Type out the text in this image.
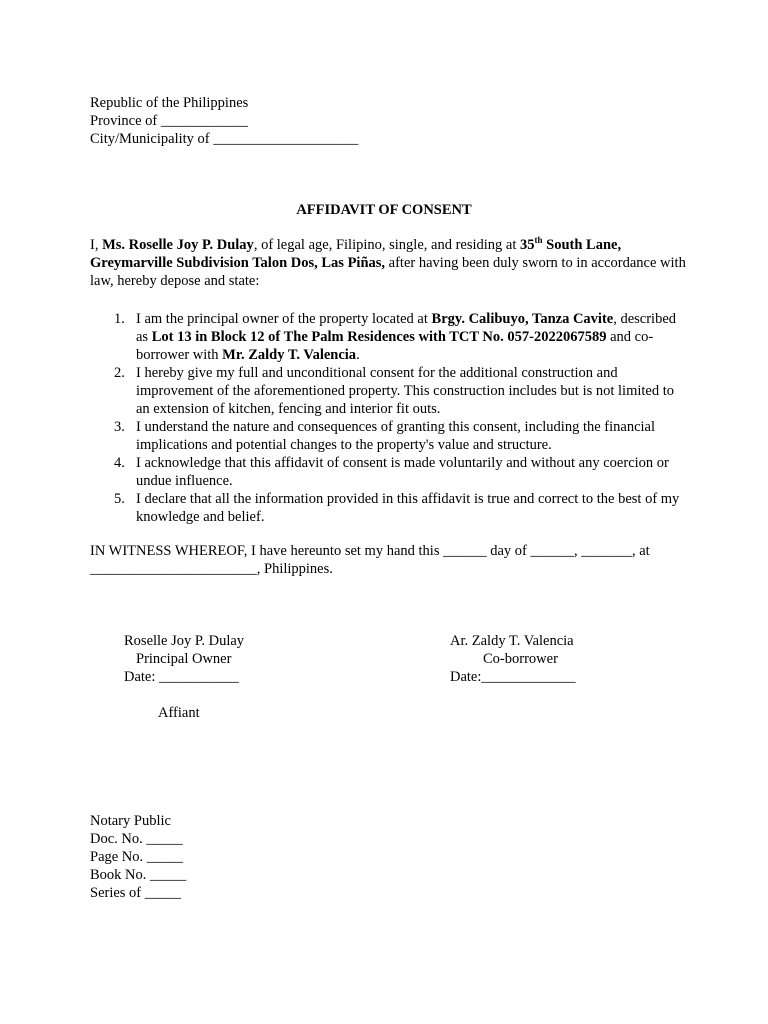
Republic of the Philippines
Province of ____________
City/Municipality of ____________________
AFFIDAVIT OF CONSENT
I, Ms. Roselle Joy P. Dulay, of legal age, Filipino, single, and residing at 35th South Lane, Greymarville Subdivision Talon Dos, Las Piñas, after having been duly sworn to in accordance with law, hereby depose and state:
1. I am the principal owner of the property located at Brgy. Calibuyo, Tanza Cavite, described as Lot 13 in Block 12 of The Palm Residences with TCT No. 057-2022067589 and co-borrower with Mr. Zaldy T. Valencia.
2. I hereby give my full and unconditional consent for the additional construction and improvement of the aforementioned property. This construction includes but is not limited to an extension of kitchen, fencing and interior fit outs.
3. I understand the nature and consequences of granting this consent, including the financial implications and potential changes to the property's value and structure.
4. I acknowledge that this affidavit of consent is made voluntarily and without any coercion or undue influence.
5. I declare that all the information provided in this affidavit is true and correct to the best of my knowledge and belief.
IN WITNESS WHEREOF, I have hereunto set my hand this ______ day of ______, _______, at _______________________, Philippines.
Roselle Joy P. Dulay	Ar. Zaldy T. Valencia
Principal Owner	Co-borrower
Date: ___________	Date:_____________
Affiant
Notary Public
Doc. No. _____
Page No. _____
Book No. _____
Series of _____
